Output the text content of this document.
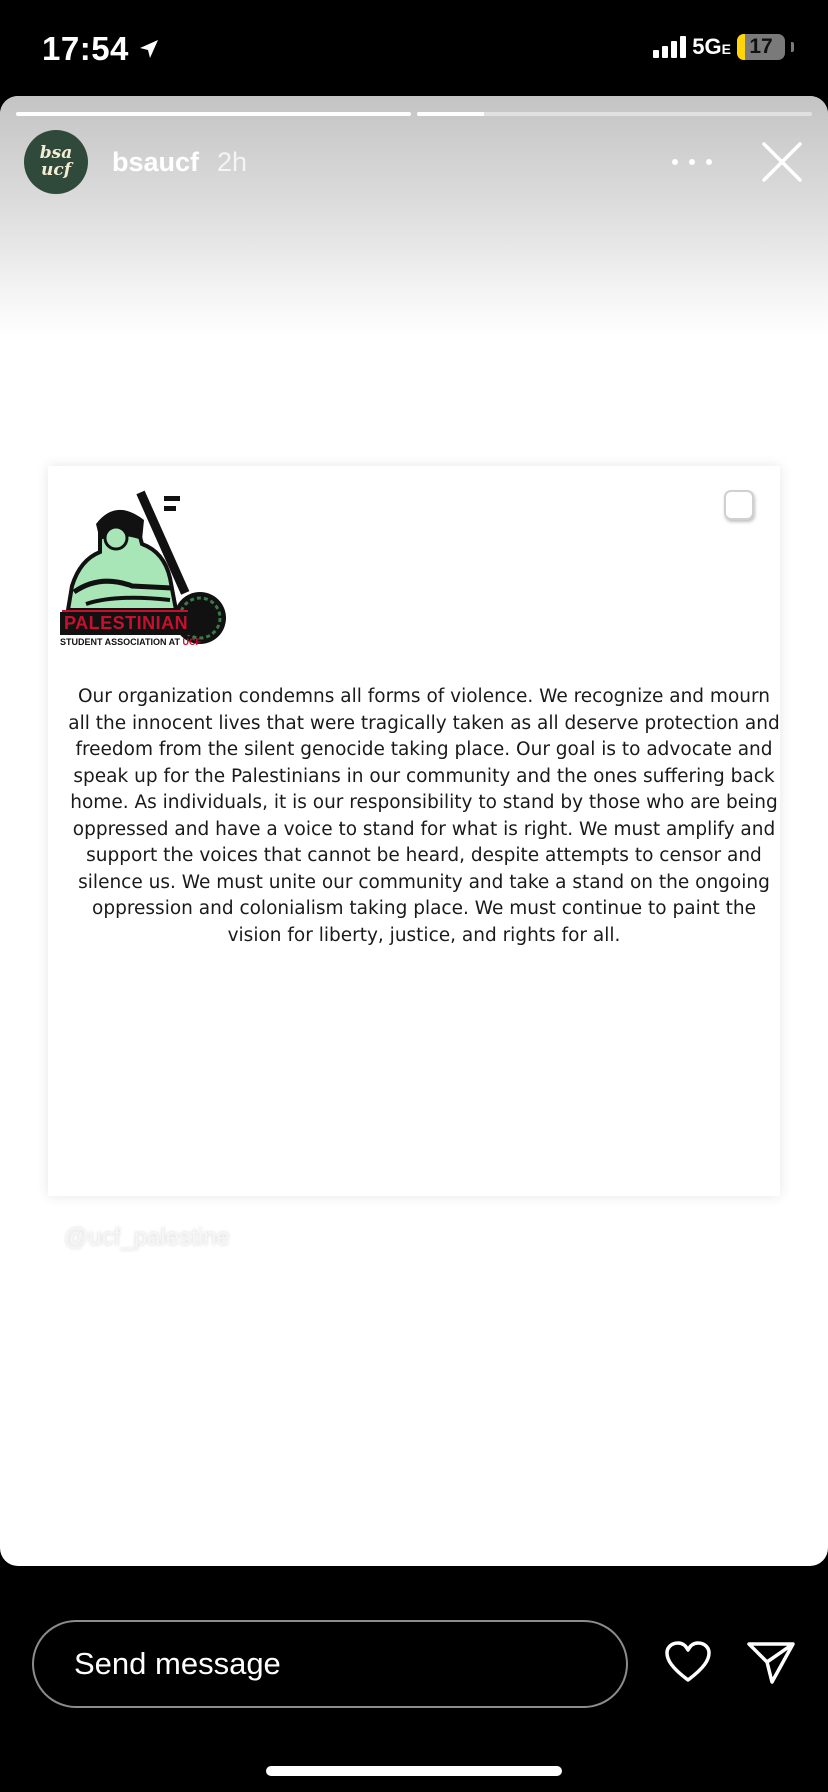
17:54	5GE 17
bsa
ucf bsaucf 2h
PALESTINIAN
STUDENT ASSOCIATION AT UCF

Our organization condemns all forms of violence. We recognize and mourn all the innocent lives that were tragically taken as all deserve protection and freedom from the silent genocide taking place. Our goal is to advocate and speak up for the Palestinians in our community and the ones suffering back home. As individuals, it is our responsibility to stand by those who are being oppressed and have a voice to stand for what is right. We must amplify and support the voices that cannot be heard, despite attempts to censor and silence us. We must unite our community and take a stand on the ongoing oppression and colonialism taking place. We must continue to paint the vision for liberty, justice, and rights for all.

@ucf_palestine
Send message
